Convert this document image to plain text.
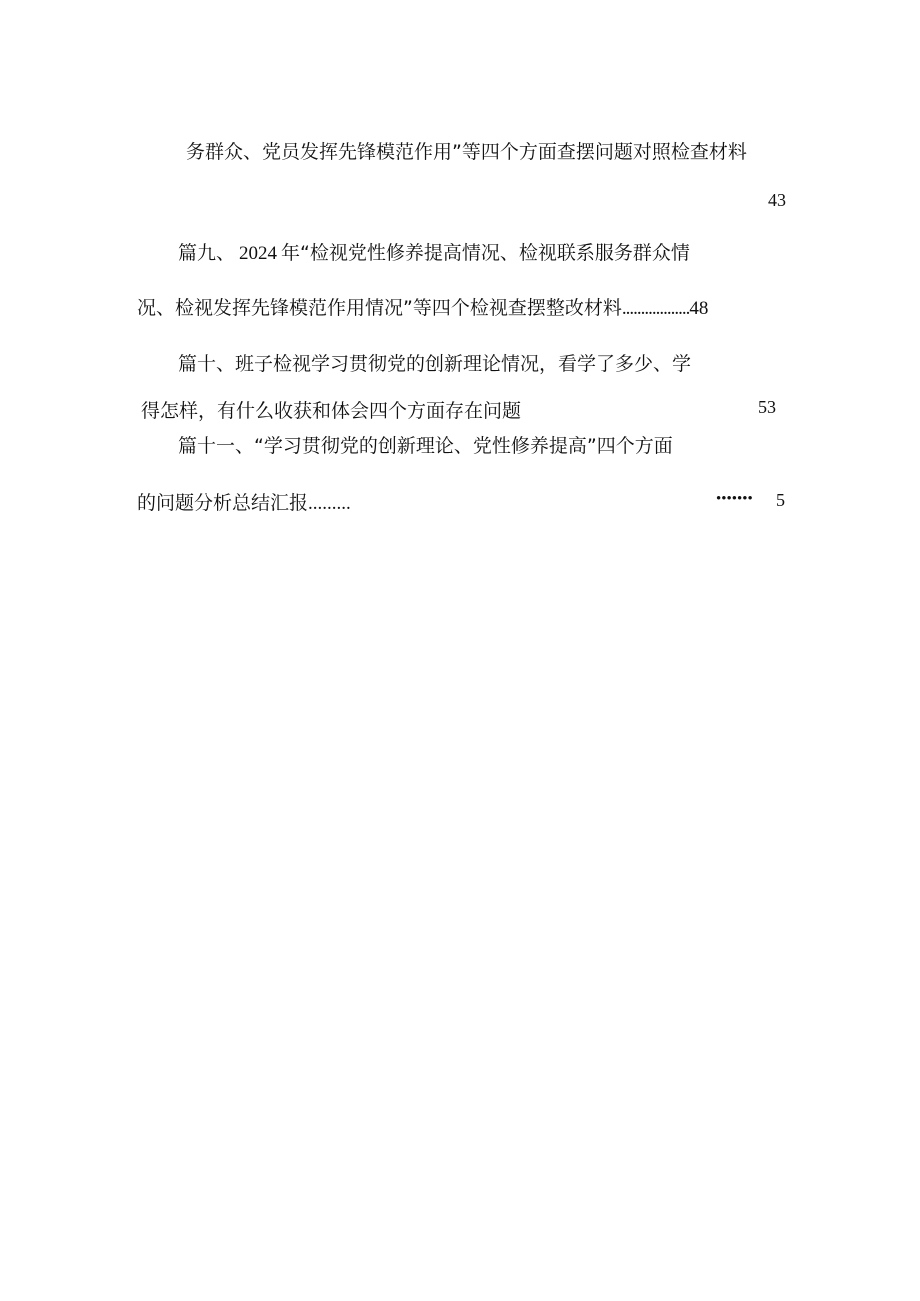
务群众、党员发挥先锋模范作用”等四个方面查摆问题对照检查材料
43
篇九、 2024 年“检视党性修养提高情况、检视联系服务群众情
况、检视发挥先锋模范作用情况”等四个检视查摆整改材料..................48
篇十、班子检视学习贯彻党的创新理论情况，看学了多少、学
得怎样，有什么收获和体会四个方面存在问题	53
篇十一、“学习贯彻党的创新理论、党性修养提高”四个方面
的问题分析总结汇报.........	••••••• 5
